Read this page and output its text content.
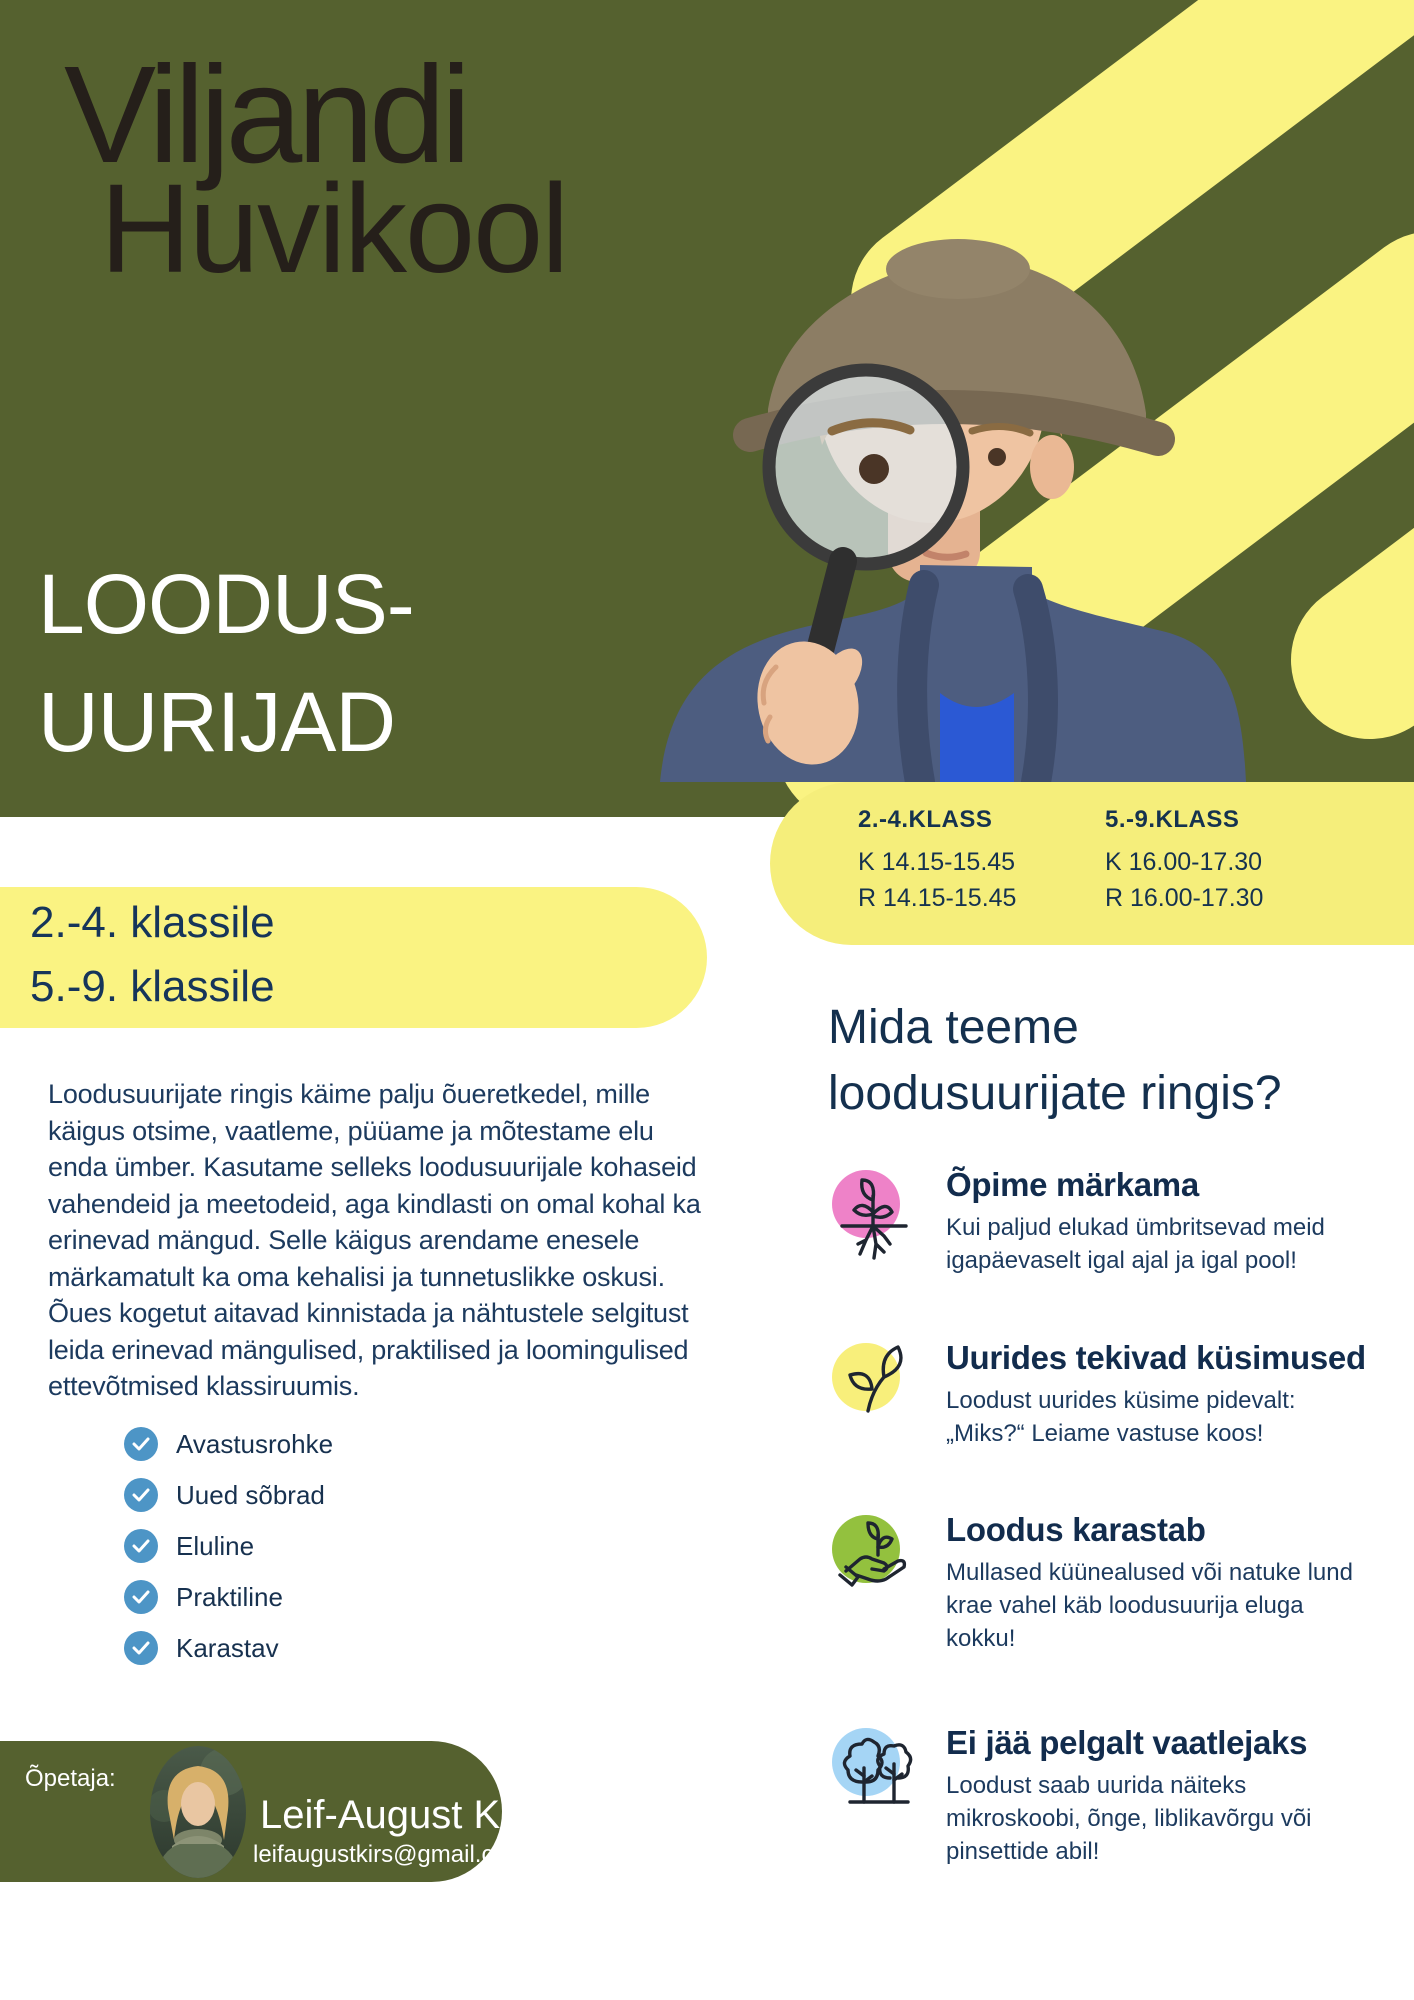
Viljandi
Huvikool
LOODUS-
UURIJAD
2.-4.KLASS
K 14.15-15.45
R 14.15-15.45
5.-9.KLASS
K 16.00-17.30
R 16.00-17.30
2.-4. klassile
5.-9. klassile
Loodusuurijate ringis käime palju õueretkedel, mille käigus otsime, vaatleme, püüame ja mõtestame elu enda ümber. Kasutame selleks loodusuurijale kohaseid vahendeid ja meetodeid, aga kindlasti on omal kohal ka erinevad mängud. Selle käigus arendame enesele märkamatult ka oma kehalisi ja tunnetuslikke oskusi. Õues kogetut aitavad kinnistada ja nähtustele selgitust leida erinevad mängulised, praktilised ja loomingulised ettevõtmised klassiruumis.
Avastusrohke
Uued sõbrad
Eluline
Praktiline
Karastav
Õpetaja:
Leif-August Kirs
leifaugustkirs@gmail.com
Mida teeme
loodusuurijate ringis?
Õpime märkama
Kui paljud elukad ümbritsevad meid igapäevaselt igal ajal ja igal pool!
Uurides tekivad küsimused
Loodust uurides küsime pidevalt: „Miks?“ Leiame vastuse koos!
Loodus karastab
Mullased küünealused või natuke lund krae vahel käb loodusuurija eluga kokku!
Ei jää pelgalt vaatlejaks
Loodust saab uurida näiteks mikroskoobi, õnge, liblikavõrgu või pinsettide abil!
